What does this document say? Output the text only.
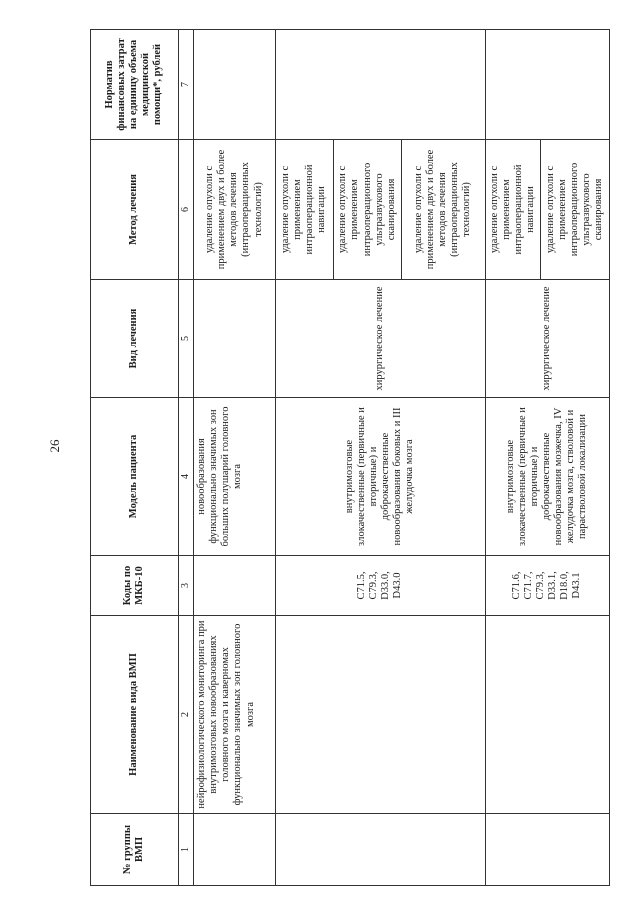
26
№ группы ВМП	Наименование вида ВМП	Коды по МКБ-10	Модель пациента	Вид лечения	Метод лечения	Норматив финансовых затрат на единицу объема медицинской помощи*, рублей
1	2	3	4	5	6	7
	нейрофизиологического мониторинга при внутримозговых новообразованиях головного мозга и каверномах функционально значимых зон головного мозга		новообразования функционально значимых зон больших полушарий головного мозга		удаление опухоли с применением двух и более методов лечения (интраоперационных технологий)	
		C71.5, C79.3, D33.0, D43.0	внутримозговые злокачественные (первичные и вторичные) и доброкачественные новообразования боковых и III желудочка мозга	хирургическое лечение	удаление опухоли с применением интраоперационной навигации	
					удаление опухоли с применением интраоперационного ультразвукового сканирования	
					удаление опухоли с применением двух и более методов лечения (интраоперационных технологий)	
		C71.6, C71.7, C79.3, D33.1, D18.0, D43.1	внутримозговые злокачественные (первичные и вторичные) и доброкачественные новообразования мозжечка, IV желудочка мозга, стволовой и парастволовой локализации	хирургическое лечение	удаление опухоли с применением интраоперационной навигации	
					удаление опухоли с применением интраоперационного ультразвукового сканирования	
